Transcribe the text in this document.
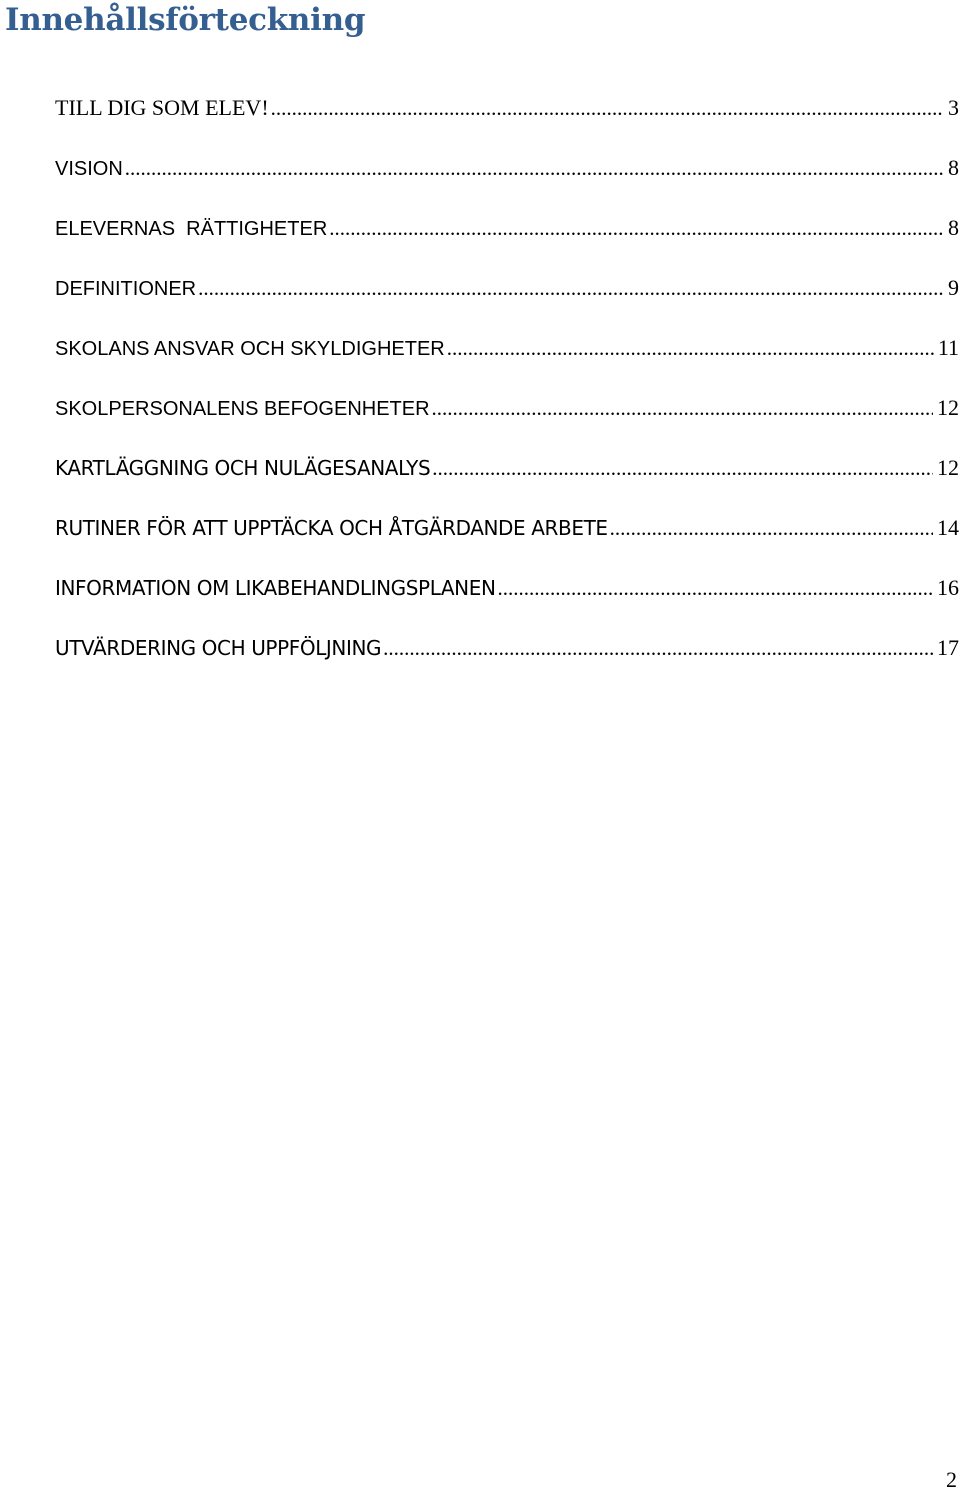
Innehållsförteckning
TILL DIG SOM ELEV! .....	3
VISION .....	8
ELEVERNAS  RÄTTIGHETER .....	8
DEFINITIONER .....	9
SKOLANS ANSVAR OCH SKYLDIGHETER .....	11
SKOLPERSONALENS BEFOGENHETER .....	12
KARTLÄGGNING OCH NULÄGESANALYS .....	12
RUTINER FÖR ATT UPPTÄCKA OCH ÅTGÄRDANDE ARBETE .....	14
INFORMATION OM LIKABEHANDLINGSPLANEN .....	16
UTVÄRDERING OCH UPPFÖLJNING .....	17
2
